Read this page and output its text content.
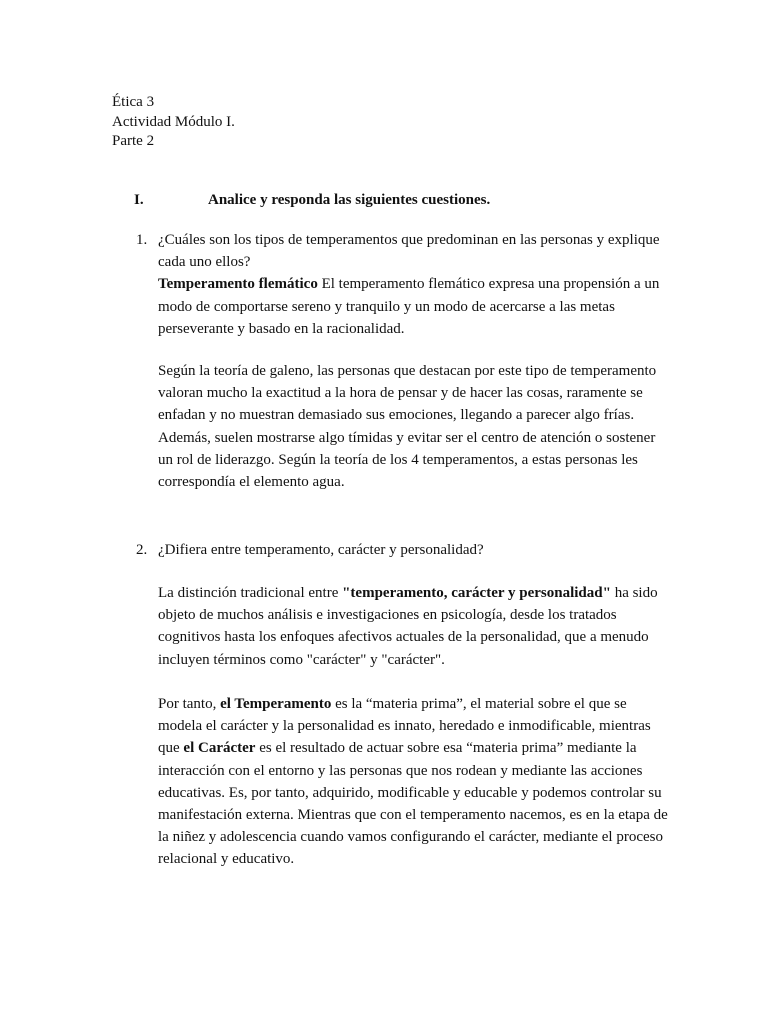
Ética 3
Actividad Módulo I.
Parte 2
I.	Analice y responda las siguientes cuestiones.
1. ¿Cuáles son los tipos de temperamentos que predominan en las personas y explique cada uno ellos?
Temperamento flemático El temperamento flemático expresa una propensión a un modo de comportarse sereno y tranquilo y un modo de acercarse a las metas perseverante y basado en la racionalidad.
Según la teoría de galeno, las personas que destacan por este tipo de temperamento valoran mucho la exactitud a la hora de pensar y de hacer las cosas, raramente se enfadan y no muestran demasiado sus emociones, llegando a parecer algo frías. Además, suelen mostrarse algo tímidas y evitar ser el centro de atención o sostener un rol de liderazgo. Según la teoría de los 4 temperamentos, a estas personas les correspondía el elemento agua.
2. ¿Difiera entre temperamento, carácter y personalidad?
La distinción tradicional entre "temperamento, carácter y personalidad" ha sido objeto de muchos análisis e investigaciones en psicología, desde los tratados cognitivos hasta los enfoques afectivos actuales de la personalidad, que a menudo incluyen términos como "carácter" y "carácter".
Por tanto, el Temperamento es la “materia prima”, el material sobre el que se modela el carácter y la personalidad es innato, heredado e inmodificable, mientras que el Carácter es el resultado de actuar sobre esa “materia prima” mediante la interacción con el entorno y las personas que nos rodean y mediante las acciones educativas. Es, por tanto, adquirido, modificable y educable y podemos controlar su manifestación externa. Mientras que con el temperamento nacemos, es en la etapa de la niñez y adolescencia cuando vamos configurando el carácter, mediante el proceso relacional y educativo.
